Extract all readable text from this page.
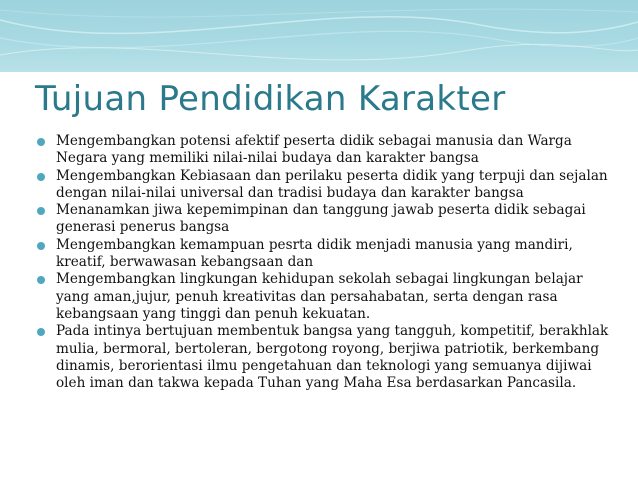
Tujuan Pendidikan Karakter
Mengembangkan potensi afektif peserta didik sebagai manusia dan Warga Negara yang memiliki nilai-nilai budaya dan karakter bangsa
Mengembangkan Kebiasaan dan perilaku peserta didik yang terpuji dan sejalan dengan nilai-nilai universal dan tradisi budaya dan karakter bangsa
Menanamkan jiwa kepemimpinan dan tanggung jawab peserta didik sebagai generasi penerus bangsa
Mengembangkan kemampuan pesrta didik menjadi manusia yang mandiri, kreatif, berwawasan kebangsaan dan
Mengembangkan lingkungan kehidupan sekolah sebagai lingkungan belajar yang aman,jujur, penuh kreativitas dan persahabatan, serta dengan rasa kebangsaan yang tinggi dan penuh kekuatan.
Pada intinya bertujuan membentuk bangsa yang tangguh, kompetitif, berakhlak mulia, bermoral, bertoleran, bergotong royong, berjiwa patriotik, berkembang dinamis, berorientasi ilmu pengetahuan dan teknologi yang semuanya dijiwai oleh iman dan takwa kepada Tuhan yang Maha Esa berdasarkan Pancasila.
